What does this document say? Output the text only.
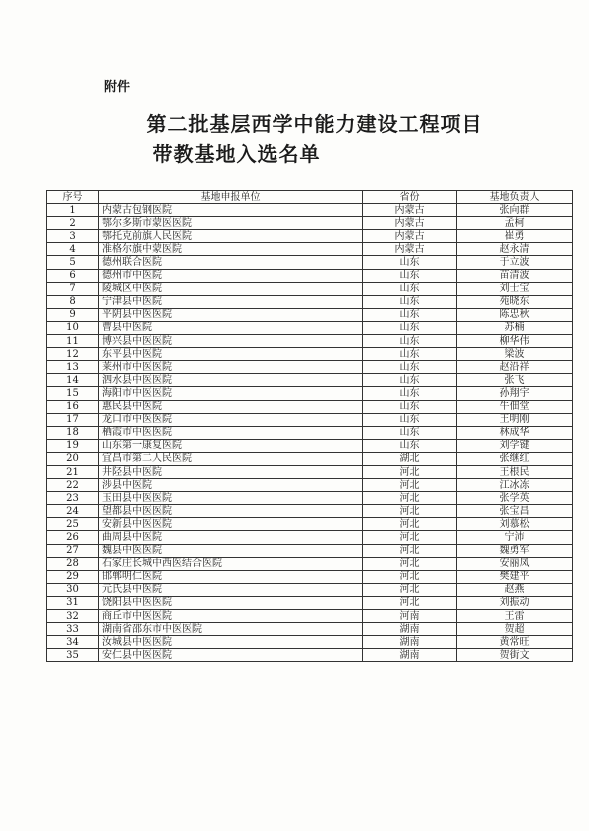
附件
第二批基层西学中能力建设工程项目
带教基地入选名单
序号	基地申报单位	省份	基地负责人
1	内蒙古包钢医院	内蒙古	张向群
2	鄂尔多斯市蒙医医院	内蒙古	孟柯
3	鄂托克前旗人民医院	内蒙古	崔勇
4	准格尔旗中蒙医院	内蒙古	赵永清
5	德州联合医院	山东	于立波
6	德州市中医院	山东	苗清波
7	陵城区中医院	山东	刘士宝
8	宁津县中医院	山东	苑晓东
9	平阴县中医医院	山东	陈忠秋
10	曹县中医院	山东	苏楠
11	博兴县中医医院	山东	柳华伟
12	东平县中医院	山东	梁波
13	莱州市中医医院	山东	赵沿祥
14	泗水县中医医院	山东	张飞
15	海阳市中医医院	山东	孙翔宇
16	惠民县中医院	山东	牛佃堂
17	龙口市中医医院	山东	王明刚
18	栖霞市中医医院	山东	林成华
19	山东第一康复医院	山东	刘学键
20	宜昌市第二人民医院	湖北	张继红
21	井陉县中医院	河北	王根民
22	涉县中医院	河北	江冰冻
23	玉田县中医医院	河北	张学英
24	望都县中医医院	河北	张宝昌
25	安新县中医医院	河北	刘慕松
26	曲周县中医院	河北	宁沛
27	魏县中医医院	河北	魏勇军
28	石家庄长城中西医结合医院	河北	安丽凤
29	邯郸明仁医院	河北	樊建平
30	元氏县中医院	河北	赵燕
31	饶阳县中医医院	河北	刘振动
32	商丘市中医医院	河南	王雷
33	湖南省邵东市中医医院	湖南	贺超
34	汝城县中医医院	湖南	黄常旺
35	安仁县中医医院	湖南	贺街文
